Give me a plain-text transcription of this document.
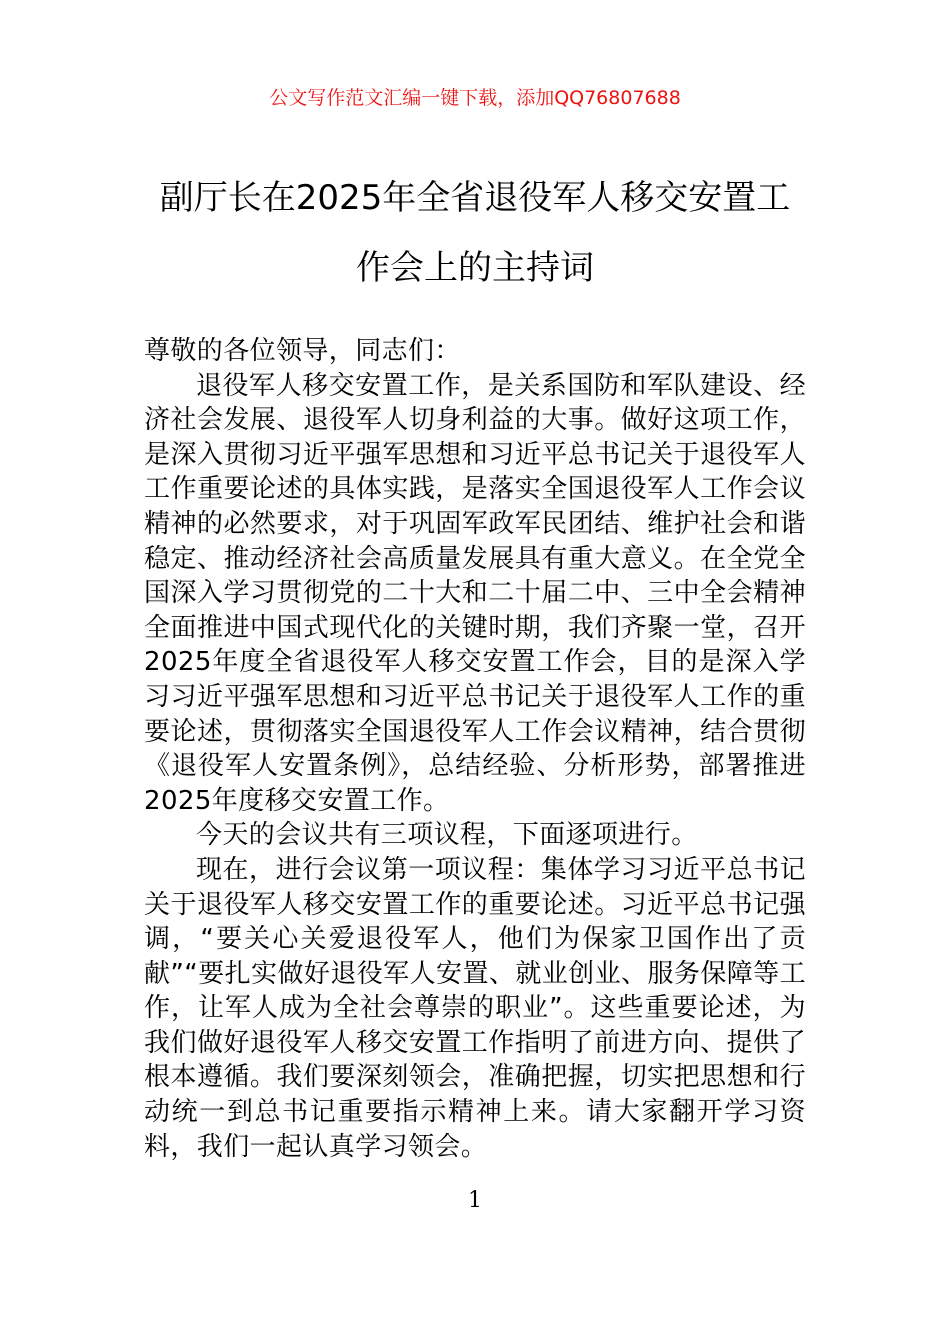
公文写作范文汇编一键下载，添加QQ76807688
副厅长在2025年全省退役军人移交安置工
作会上的主持词

尊敬的各位领导，同志们：

退役军人移交安置工作，是关系国防和军队建设、经济社会发展、退役军人切身利益的大事。做好这项工作，是深入贯彻习近平强军思想和习近平总书记关于退役军人工作重要论述的具体实践，是落实全国退役军人工作会议精神的必然要求，对于巩固军政军民团结、维护社会和谐稳定、推动经济社会高质量发展具有重大意义。在全党全国深入学习贯彻党的二十大和二十届二中、三中全会精神全面推进中国式现代化的关键时期，我们齐聚一堂，召开2025年度全省退役军人移交安置工作会，目的是深入学习习近平强军思想和习近平总书记关于退役军人工作的重要论述，贯彻落实全国退役军人工作会议精神，结合贯彻《退役军人安置条例》，总结经验、分析形势，部署推进2025年度移交安置工作。

今天的会议共有三项议程，下面逐项进行。

现在，进行会议第一项议程：集体学习习近平总书记关于退役军人移交安置工作的重要论述。习近平总书记强调，“要关心关爱退役军人，他们为保家卫国作出了贡献”“要扎实做好退役军人安置、就业创业、服务保障等工作，让军人成为全社会尊崇的职业”。这些重要论述，为我们做好退役军人移交安置工作指明了前进方向、提供了根本遵循。我们要深刻领会，准确把握，切实把思想和行动统一到总书记重要指示精神上来。请大家翻开学习资料，我们一起认真学习领会。

1
